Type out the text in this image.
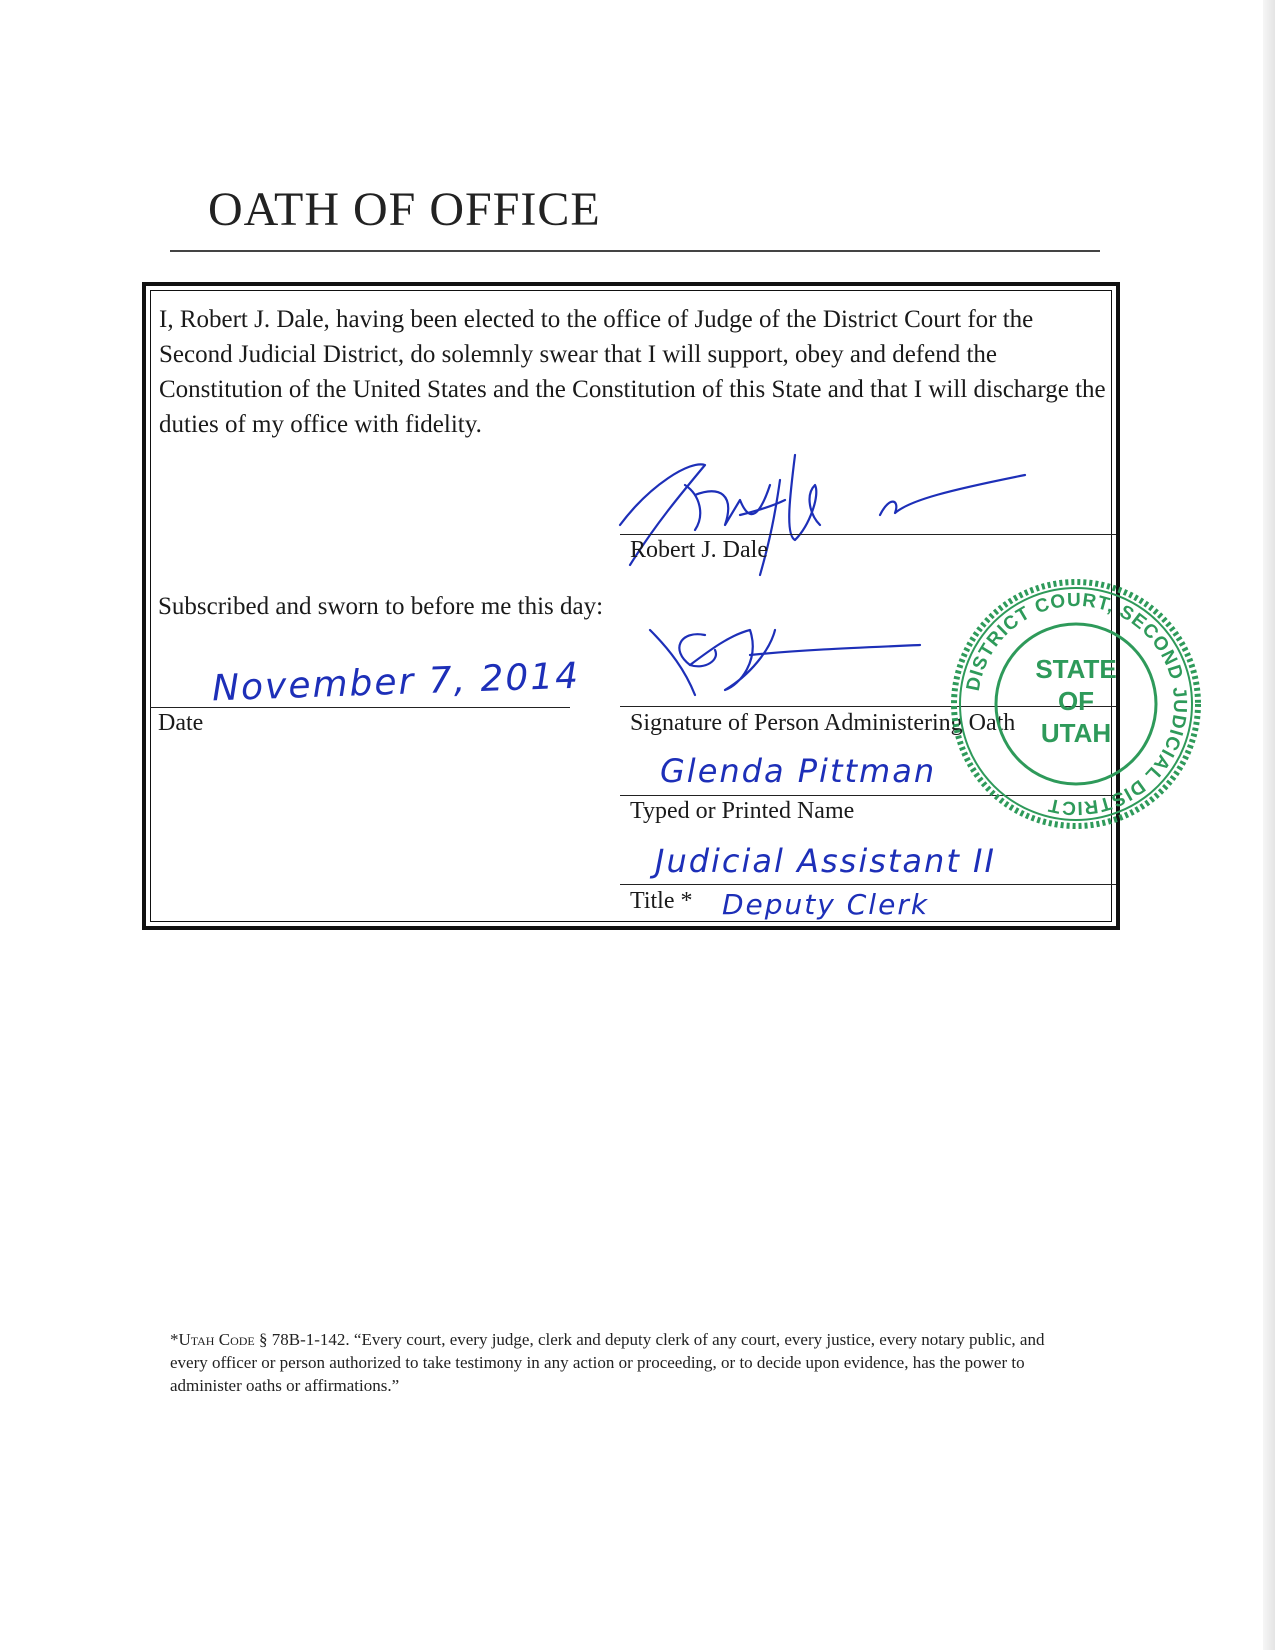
OATH OF OFFICE

I, Robert J. Dale, having been elected to the office of Judge of the District Court for the Second Judicial District, do solemnly swear that I will support, obey and defend the Constitution of the United States and the Constitution of this State and that I will discharge the duties of my office with fidelity.

Robert J. Dale
Subscribed and sworn to before me this day:
November 7, 2014
Date	Signature of Person Administering Oath
Glenda Pittman
Typed or Printed Name
Judicial Assistant II
Title * Deputy Clerk
DISTRICT COURT, SECOND JUDICIAL DISTRICT
STATE
OF
UTAH

*Utah Code § 78B-1-142. “Every court, every judge, clerk and deputy clerk of any court, every justice, every notary public, and every officer or person authorized to take testimony in any action or proceeding, or to decide upon evidence, has the power to administer oaths or affirmations.”
